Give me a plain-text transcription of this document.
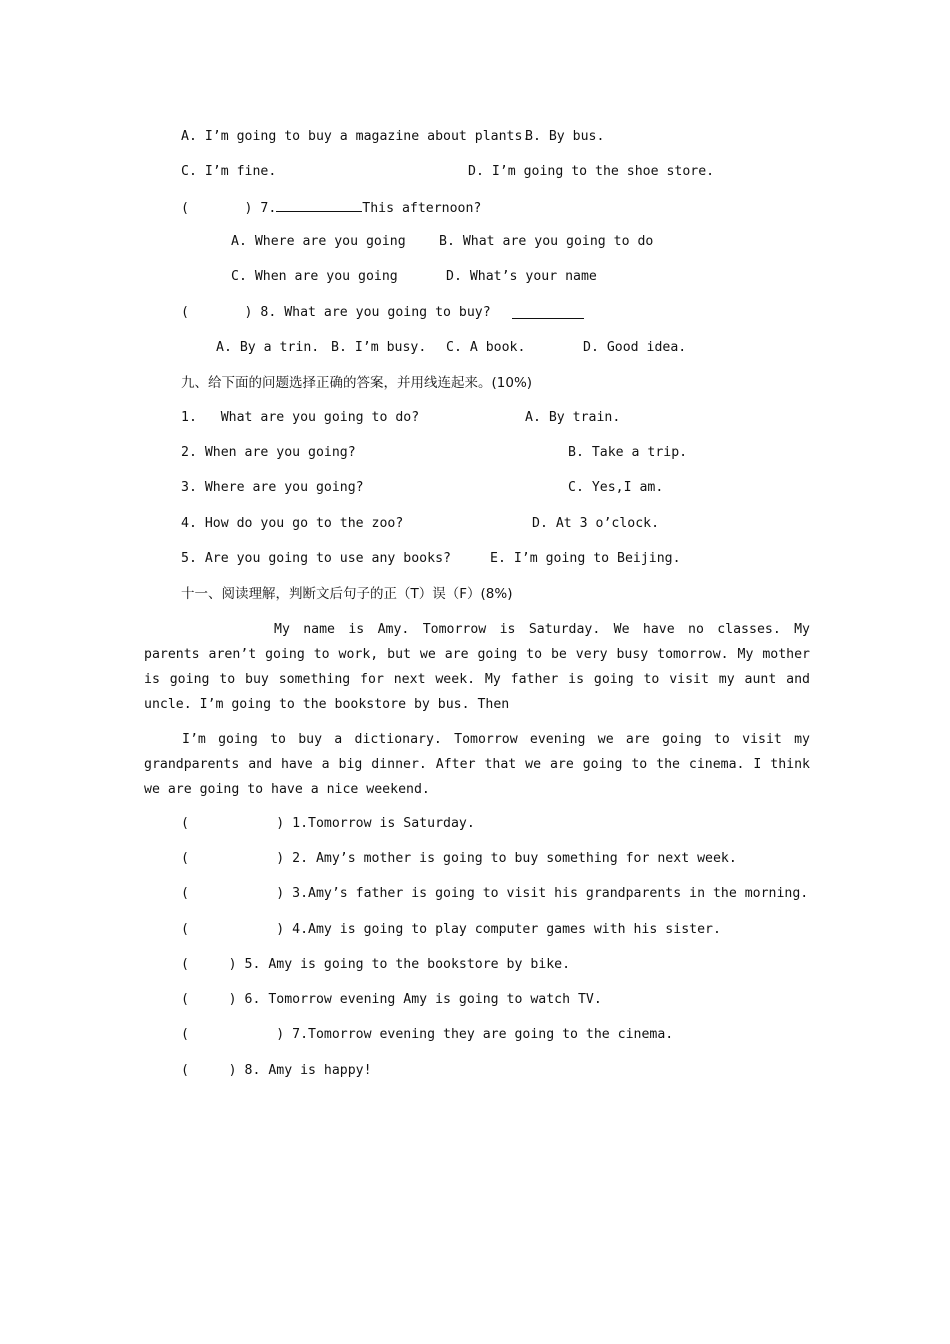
A. I’m going to buy a magazine about plants.
B. By bus.
C. I’m fine.	D. I’m going to the shoe store.
(       ) 7.	This afternoon?
A. Where are you going	B. What are you going to do
C. When are you going	D. What’s your name
(       ) 8. What are you going to buy?
A. By a trin. B. I’m busy. C. A book.	D. Good idea.
九、给下面的问题选择正确的答案，并用线连起来。(10%)
1.   What are you going to do?	A. By train.
2. When are you going?	B. Take a trip.
3. Where are you going?	C. Yes,I am.
4. How do you go to the zoo?	D. At 3 o’clock.
5. Are you going to use any books?	E. I’m going to Beijing.
十一、阅读理解，判断文后句子的正（T）误（F）(8%)
My name is Amy. Tomorrow is Saturday. We have no classes. My parents aren’t going to work, but we are going to be very busy tomorrow. My mother is going to buy something for next week. My father is going to visit my aunt and uncle. I’m going to the bookstore by bus. Then
I’m going to buy a dictionary. Tomorrow evening we are going to visit my grandparents and have a big dinner. After that we are going to the cinema. I think we are going to have a nice weekend.
(           ) 1.Tomorrow is Saturday.
(           ) 2. Amy’s mother is going to buy something for next week.
(           ) 3.Amy’s father is going to visit his grandparents in the morning.
(           ) 4.Amy is going to play computer games with his sister.
(     ) 5. Amy is going to the bookstore by bike.
(     ) 6. Tomorrow evening Amy is going to watch TV.
(           ) 7.Tomorrow evening they are going to the cinema.
(     ) 8. Amy is happy!
